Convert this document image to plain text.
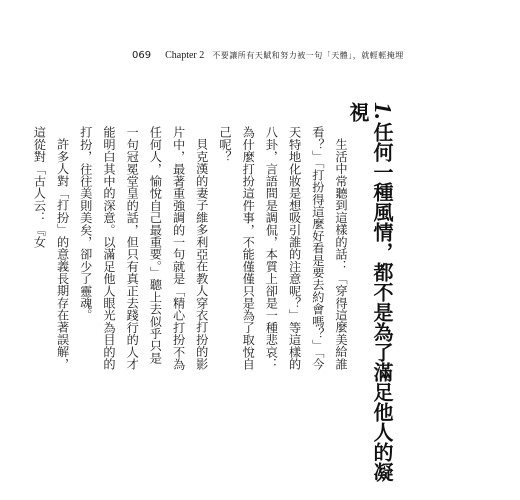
069 Chapter 2 不要讓所有天賦和努力被一句「天體」，就輕輕掩埋
1.任何一種風情，都不是為了滿足他人的凝視

生活中常聽到這樣的話：「穿得這麼美給誰看？」「打扮得這麼好看是要去約會嗎？」「今天特地化妝是想吸引誰的注意呢？」等這樣的八卦，言語間是調侃，本質上卻是一種悲哀：為什麼打扮這件事，不能僅僅只是為了取悅自己呢？

貝克漢的妻子維多利亞在教人穿衣打扮的影片中，最著重強調的一句就是「精心打扮不為任何人，愉悅自己最重要。」聽上去似乎只是一句冠冕堂皇的話，但只有真正去踐行的人才能明白其中的深意。以滿足他人眼光為目的的打扮，往往美則美矣，卻少了靈魂。

許多人對「打扮」的意義長期存在著誤解，這從對「古人云：『女
